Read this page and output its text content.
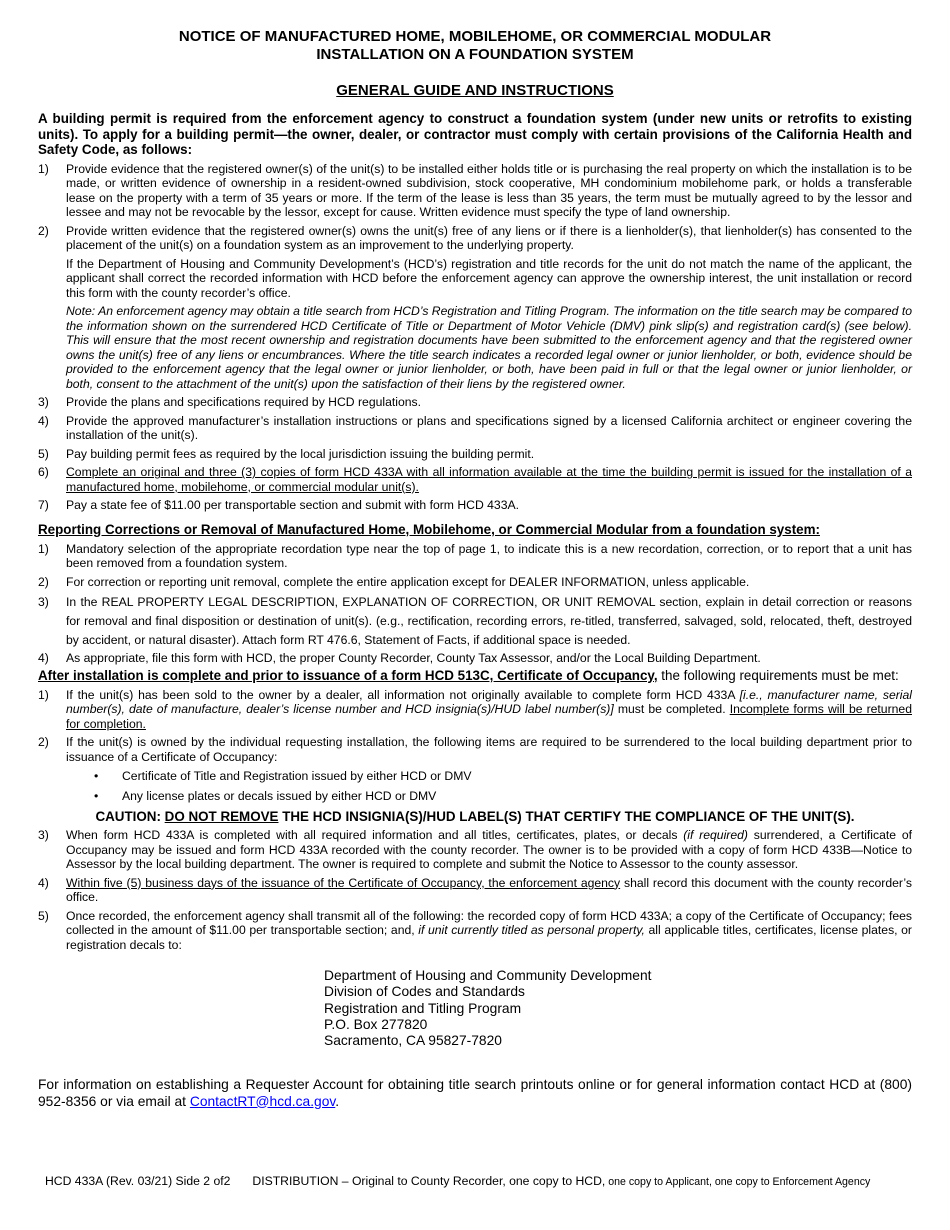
NOTICE OF MANUFACTURED HOME, MOBILEHOME, OR COMMERCIAL MODULAR
INSTALLATION ON A FOUNDATION SYSTEM
GENERAL GUIDE AND INSTRUCTIONS
A building permit is required from the enforcement agency to construct a foundation system (under new units or retrofits to existing units). To apply for a building permit—the owner, dealer, or contractor must comply with certain provisions of the California Health and Safety Code, as follows:
1)	Provide evidence that the registered owner(s) of the unit(s) to be installed either holds title or is purchasing the real property on which the installation is to be made, or written evidence of ownership in a resident-owned subdivision, stock cooperative, MH condominium mobilehome park, or holds a transferable lease on the property with a term of 35 years or more. If the term of the lease is less than 35 years, the term must be mutually agreed to by the lessor and lessee and may not be revocable by the lessor, except for cause. Written evidence must specify the type of land ownership.
2)	Provide written evidence that the registered owner(s) owns the unit(s) free of any liens or if there is a lienholder(s), that lienholder(s) has consented to the placement of the unit(s) on a foundation system as an improvement to the underlying property.
If the Department of Housing and Community Development’s (HCD’s) registration and title records for the unit do not match the name of the applicant, the applicant shall correct the recorded information with HCD before the enforcement agency can approve the ownership interest, the unit installation or record this form with the county recorder’s office.
Note: An enforcement agency may obtain a title search from HCD’s Registration and Titling Program. The information on the title search may be compared to the information shown on the surrendered HCD Certificate of Title or Department of Motor Vehicle (DMV) pink slip(s) and registration card(s) (see below). This will ensure that the most recent ownership and registration documents have been submitted to the enforcement agency and that the registered owner owns the unit(s) free of any liens or encumbrances. Where the title search indicates a recorded legal owner or junior lienholder, or both, evidence should be provided to the enforcement agency that the legal owner or junior lienholder, or both, have been paid in full or that the legal owner or junior lienholder, or both, consent to the attachment of the unit(s) upon the satisfaction of their liens by the registered owner.
3)	Provide the plans and specifications required by HCD regulations.
4)	Provide the approved manufacturer’s installation instructions or plans and specifications signed by a licensed California architect or engineer covering the installation of the unit(s).
5)	Pay building permit fees as required by the local jurisdiction issuing the building permit.
6)	Complete an original and three (3) copies of form HCD 433A with all information available at the time the building permit is issued for the installation of a manufactured home, mobilehome, or commercial modular unit(s).
7)	Pay a state fee of $11.00 per transportable section and submit with form HCD 433A.
Reporting Corrections or Removal of Manufactured Home, Mobilehome, or Commercial Modular from a foundation system:
1)	Mandatory selection of the appropriate recordation type near the top of page 1, to indicate this is a new recordation, correction, or to report that a unit has been removed from a foundation system.
2)	For correction or reporting unit removal, complete the entire application except for DEALER INFORMATION, unless applicable.
3)	In the REAL PROPERTY LEGAL DESCRIPTION, EXPLANATION OF CORRECTION, OR UNIT REMOVAL section, explain in detail correction or reasons for removal and final disposition or destination of unit(s). (e.g., rectification, recording errors, re-titled, transferred, salvaged, sold, relocated, theft, destroyed by accident, or natural disaster). Attach form RT 476.6, Statement of Facts, if additional space is needed.
4)	As appropriate, file this form with HCD, the proper County Recorder, County Tax Assessor, and/or the Local Building Department.
After installation is complete and prior to issuance of a form HCD 513C, Certificate of Occupancy, the following requirements must be met:
1)	If the unit(s) has been sold to the owner by a dealer, all information not originally available to complete form HCD 433A [i.e., manufacturer name, serial number(s), date of manufacture, dealer’s license number and HCD insignia(s)/HUD label number(s)] must be completed. Incomplete forms will be returned for completion.
2)	If the unit(s) is owned by the individual requesting installation, the following items are required to be surrendered to the local building department prior to issuance of a Certificate of Occupancy:
•	Certificate of Title and Registration issued by either HCD or DMV
•	Any license plates or decals issued by either HCD or DMV
CAUTION: DO NOT REMOVE THE HCD INSIGNIA(S)/HUD LABEL(S) THAT CERTIFY THE COMPLIANCE OF THE UNIT(S).
3)	When form HCD 433A is completed with all required information and all titles, certificates, plates, or decals (if required) surrendered, a Certificate of Occupancy may be issued and form HCD 433A recorded with the county recorder. The owner is to be provided with a copy of form HCD 433B—Notice to Assessor by the local building department. The owner is required to complete and submit the Notice to Assessor to the county assessor.
4)	Within five (5) business days of the issuance of the Certificate of Occupancy, the enforcement agency shall record this document with the county recorder’s office.
5)	Once recorded, the enforcement agency shall transmit all of the following: the recorded copy of form HCD 433A; a copy of the Certificate of Occupancy; fees collected in the amount of $11.00 per transportable section; and, if unit currently titled as personal property, all applicable titles, certificates, license plates, or registration decals to:
Department of Housing and Community Development
Division of Codes and Standards
Registration and Titling Program
P.O. Box 277820
Sacramento, CA 95827-7820
For information on establishing a Requester Account for obtaining title search printouts online or for general information contact HCD at (800) 952-8356 or via email at ContactRT@hcd.ca.gov.
HCD 433A (Rev. 03/21) Side 2 of2 DISTRIBUTION – Original to County Recorder, one copy to HCD, one copy to Applicant, one copy to Enforcement Agency
